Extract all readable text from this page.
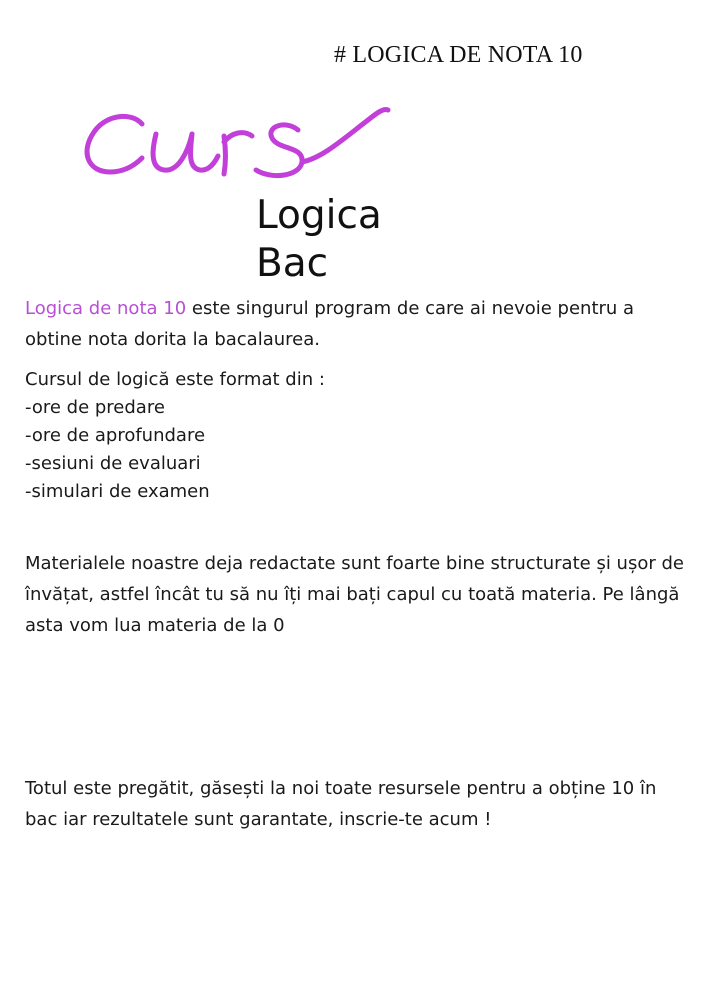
# LOGICA DE NOTA 10
curs
Logica
Bac

Logica de nota 10 este singurul program de care ai nevoie pentru a obtine nota dorita la bacalaurea.

Cursul de logică este format din :
-ore de predare
-ore de aprofundare
-sesiuni de evaluari
-simulari de examen

Materialele noastre deja redactate sunt foarte bine structurate și ușor de învățat, astfel încât tu să nu îți mai bați capul cu toată materia. Pe lângă asta vom lua materia de la 0

Totul este pregătit, găsești la noi toate resursele pentru a obține 10 în bac iar rezultatele sunt garantate, inscrie-te acum !
